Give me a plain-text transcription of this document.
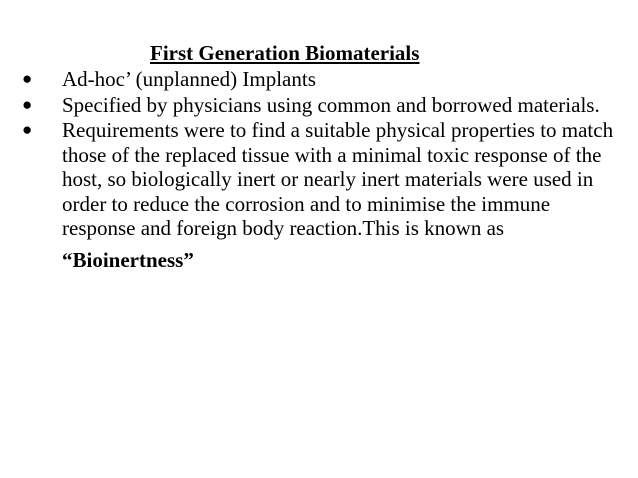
First Generation Biomaterials
●	Ad-hoc’ (unplanned) Implants
●	Specified by physicians using common and borrowed materials.
●	Requirements were to find a suitable physical properties to match those of the replaced tissue with a minimal toxic response of the host, so biologically inert or nearly inert materials were used in order to reduce the corrosion and to minimise the immune response and foreign body reaction.This is known as
“Bioinertness”
